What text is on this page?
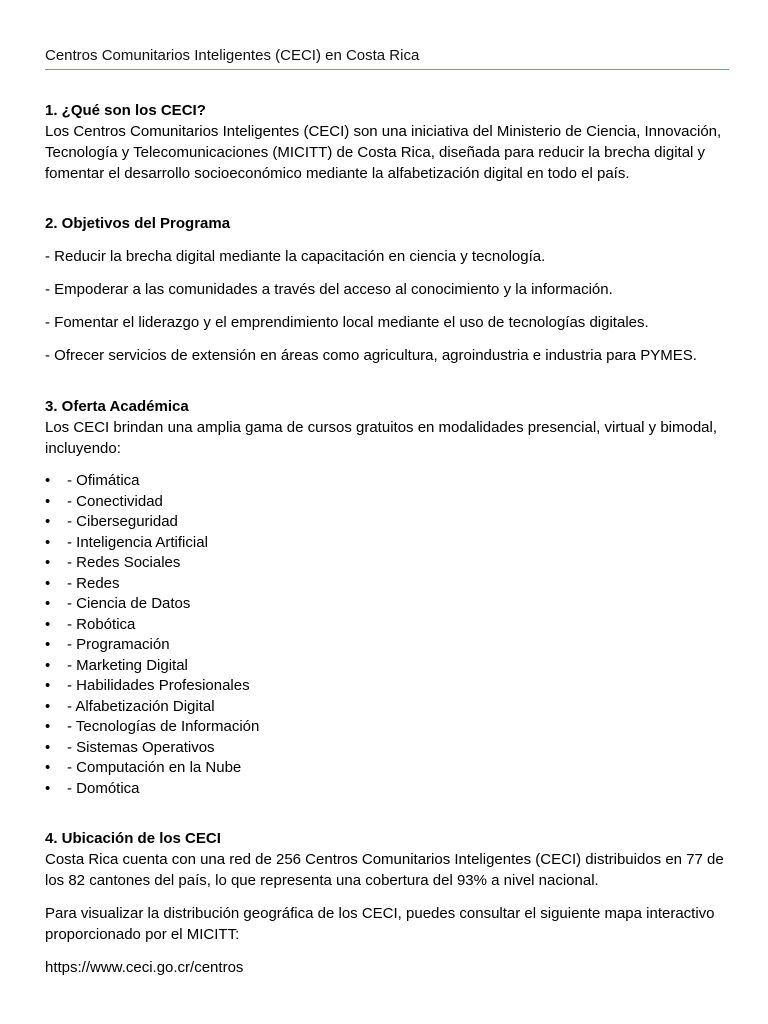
Centros Comunitarios Inteligentes (CECI) en Costa Rica

1. ¿Qué son los CECI?

Los Centros Comunitarios Inteligentes (CECI) son una iniciativa del Ministerio de Ciencia, Innovación, Tecnología y Telecomunicaciones (MICITT) de Costa Rica, diseñada para reducir la brecha digital y fomentar el desarrollo socioeconómico mediante la alfabetización digital en todo el país.

2. Objetivos del Programa

- Reducir la brecha digital mediante la capacitación en ciencia y tecnología.

- Empoderar a las comunidades a través del acceso al conocimiento y la información.

- Fomentar el liderazgo y el emprendimiento local mediante el uso de tecnologías digitales.

- Ofrecer servicios de extensión en áreas como agricultura, agroindustria e industria para PYMES.

3. Oferta Académica

Los CECI brindan una amplia gama de cursos gratuitos en modalidades presencial, virtual y bimodal, incluyendo:

• - Ofimática
• - Conectividad
• - Ciberseguridad
• - Inteligencia Artificial
• - Redes Sociales
• - Redes
• - Ciencia de Datos
• - Robótica
• - Programación
• - Marketing Digital
• - Habilidades Profesionales
• - Alfabetización Digital
• - Tecnologías de Información
• - Sistemas Operativos
• - Computación en la Nube
• - Domótica

4. Ubicación de los CECI

Costa Rica cuenta con una red de 256 Centros Comunitarios Inteligentes (CECI) distribuidos en 77 de los 82 cantones del país, lo que representa una cobertura del 93% a nivel nacional.

Para visualizar la distribución geográfica de los CECI, puedes consultar el siguiente mapa interactivo proporcionado por el MICITT:

https://www.ceci.go.cr/centros
